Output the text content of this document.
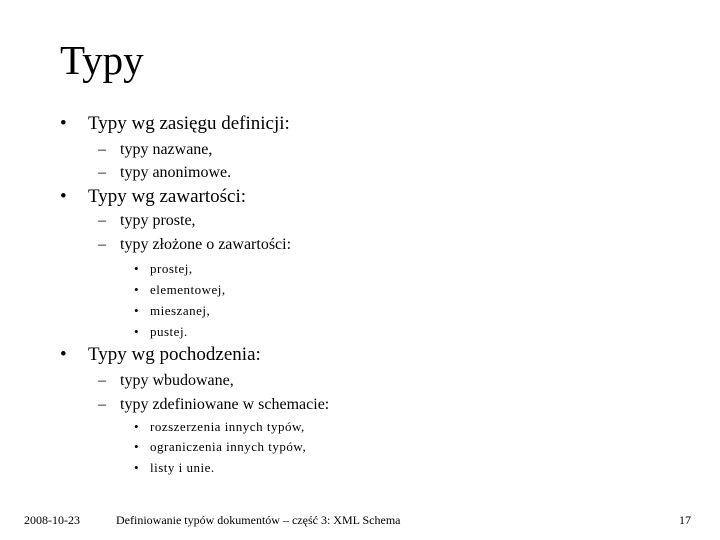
Typy
• Typy wg zasięgu definicji:
– typy nazwane,
– typy anonimowe.
• Typy wg zawartości:
– typy proste,
– typy złożone o zawartości:
• prostej,
• elementowej,
• mieszanej,
• pustej.
• Typy wg pochodzenia:
– typy wbudowane,
– typy zdefiniowane w schemacie:
• rozszerzenia innych typów,
• ograniczenia innych typów,
• listy i unie.
2008-10-23	Definiowanie typów dokumentów – część 3: XML Schema	17
